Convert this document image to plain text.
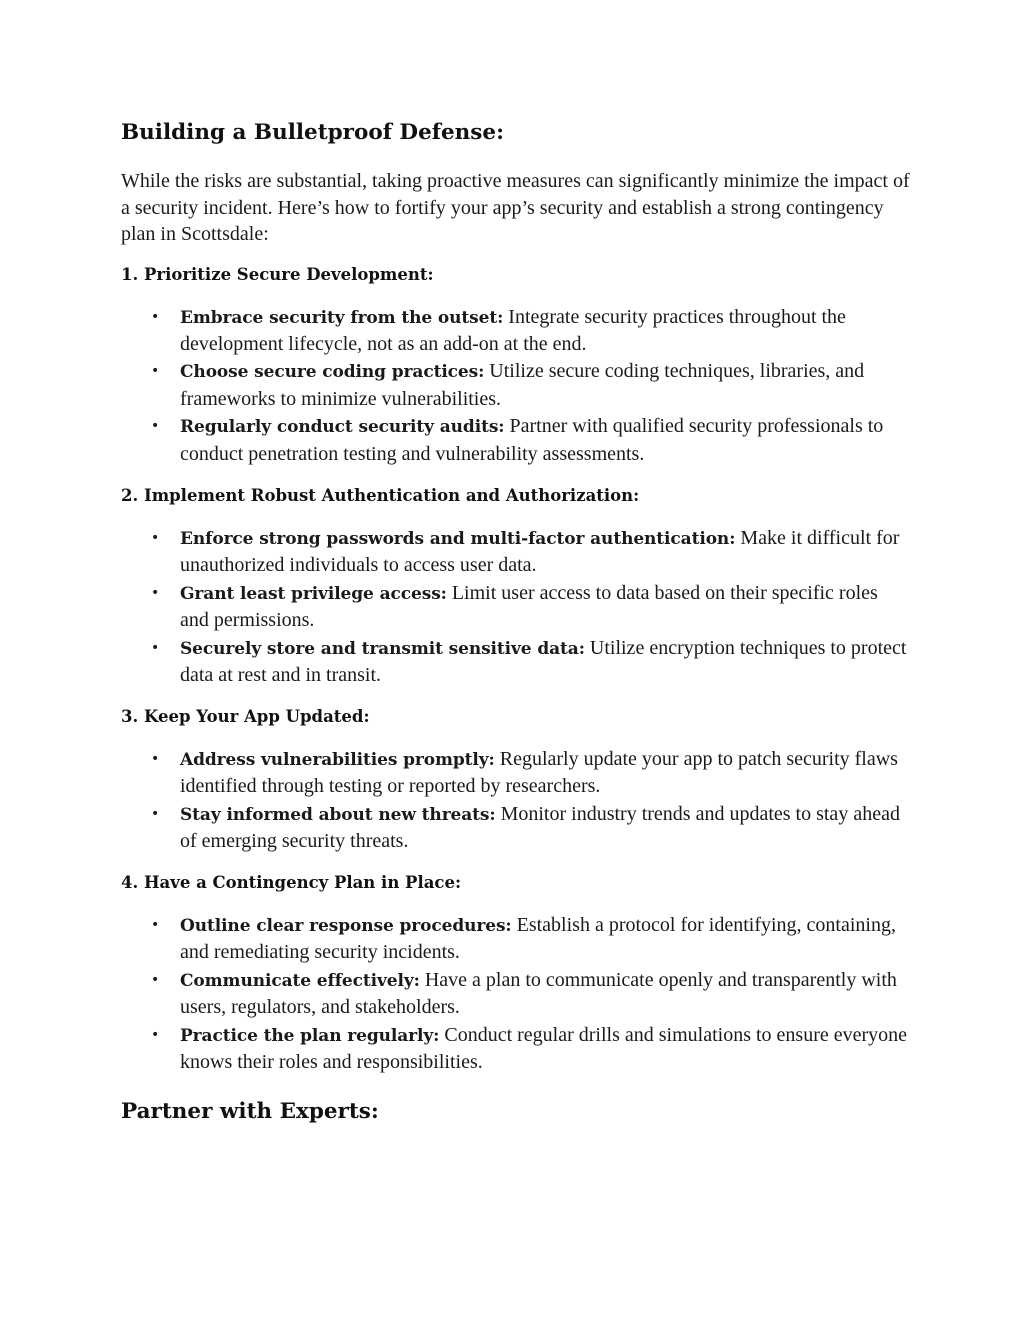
Building a Bulletproof Defense:

While the risks are substantial, taking proactive measures can significantly minimize the impact of a security incident. Here’s how to fortify your app’s security and establish a strong contingency plan in Scottsdale:

1. Prioritize Secure Development:
• Embrace security from the outset: Integrate security practices throughout the development lifecycle, not as an add-on at the end.
• Choose secure coding practices: Utilize secure coding techniques, libraries, and frameworks to minimize vulnerabilities.
• Regularly conduct security audits: Partner with qualified security professionals to conduct penetration testing and vulnerability assessments.
2. Implement Robust Authentication and Authorization:
• Enforce strong passwords and multi-factor authentication: Make it difficult for unauthorized individuals to access user data.
• Grant least privilege access: Limit user access to data based on their specific roles and permissions.
• Securely store and transmit sensitive data: Utilize encryption techniques to protect data at rest and in transit.
3. Keep Your App Updated:
• Address vulnerabilities promptly: Regularly update your app to patch security flaws identified through testing or reported by researchers.
• Stay informed about new threats: Monitor industry trends and updates to stay ahead of emerging security threats.
4. Have a Contingency Plan in Place:
• Outline clear response procedures: Establish a protocol for identifying, containing, and remediating security incidents.
• Communicate effectively: Have a plan to communicate openly and transparently with users, regulators, and stakeholders.
• Practice the plan regularly: Conduct regular drills and simulations to ensure everyone knows their roles and responsibilities.
Partner with Experts:
